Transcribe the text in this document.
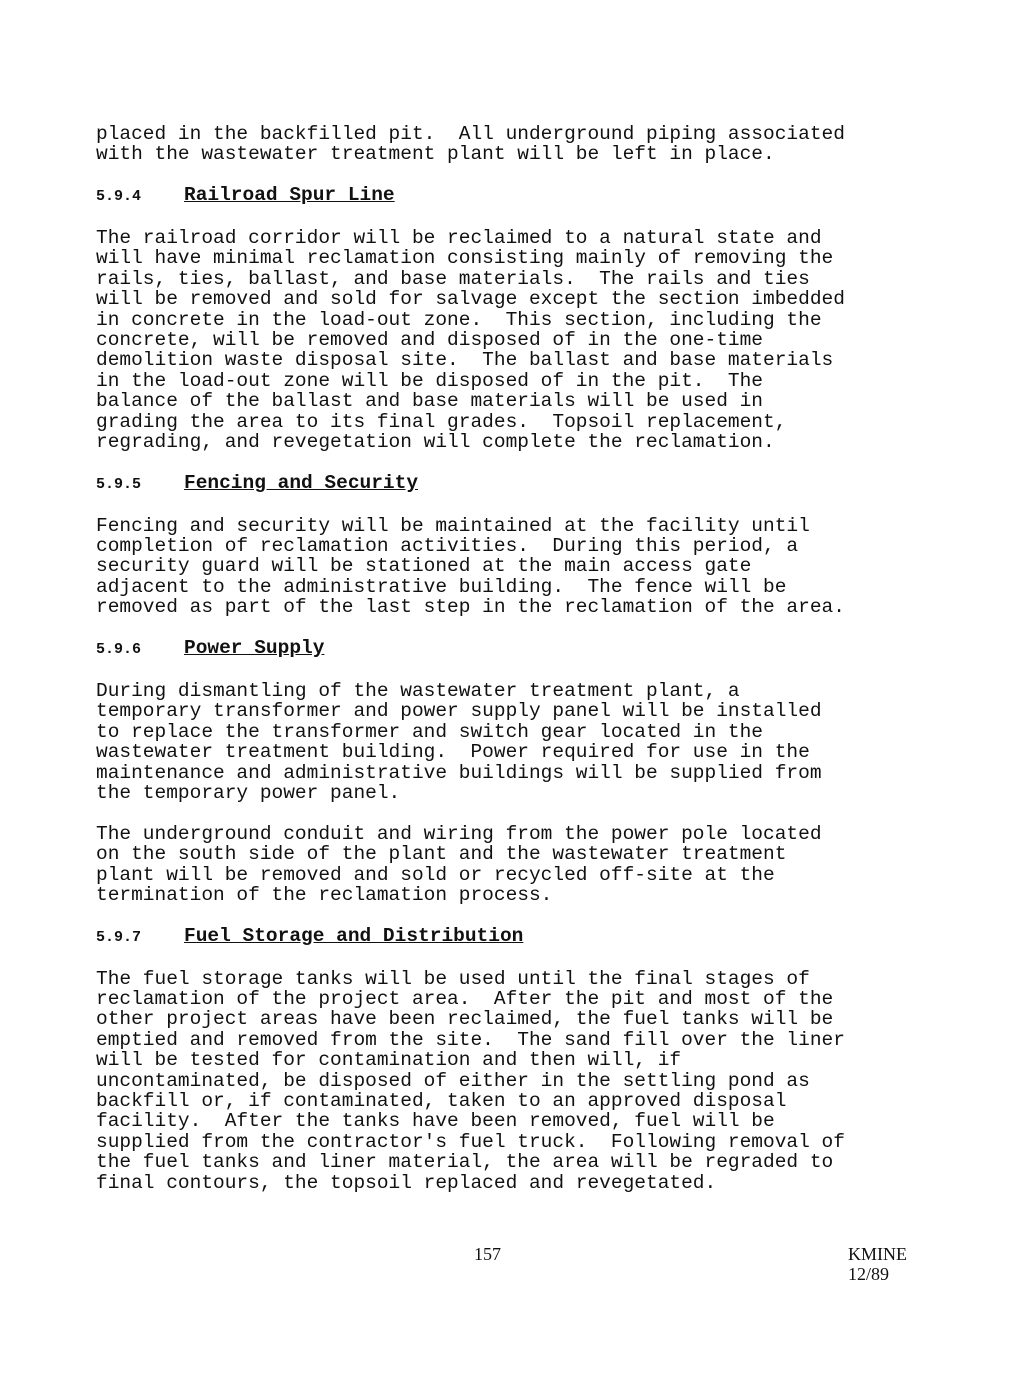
placed in the backfilled pit.  All underground piping associated
with the wastewater treatment plant will be left in place.

5.9.4 Railroad Spur Line

The railroad corridor will be reclaimed to a natural state and
will have minimal reclamation consisting mainly of removing the
rails, ties, ballast, and base materials.  The rails and ties
will be removed and sold for salvage except the section imbedded
in concrete in the load-out zone.  This section, including the
concrete, will be removed and disposed of in the one-time
demolition waste disposal site.  The ballast and base materials
in the load-out zone will be disposed of in the pit.  The
balance of the ballast and base materials will be used in
grading the area to its final grades.  Topsoil replacement,
regrading, and revegetation will complete the reclamation.

5.9.5 Fencing and Security

Fencing and security will be maintained at the facility until
completion of reclamation activities.  During this period, a
security guard will be stationed at the main access gate
adjacent to the administrative building.  The fence will be
removed as part of the last step in the reclamation of the area.

5.9.6 Power Supply

During dismantling of the wastewater treatment plant, a
temporary transformer and power supply panel will be installed
to replace the transformer and switch gear located in the
wastewater treatment building.  Power required for use in the
maintenance and administrative buildings will be supplied from
the temporary power panel.

The underground conduit and wiring from the power pole located
on the south side of the plant and the wastewater treatment
plant will be removed and sold or recycled off-site at the
termination of the reclamation process.

5.9.7 Fuel Storage and Distribution

The fuel storage tanks will be used until the final stages of
reclamation of the project area.  After the pit and most of the
other project areas have been reclaimed, the fuel tanks will be
emptied and removed from the site.  The sand fill over the liner
will be tested for contamination and then will, if
uncontaminated, be disposed of either in the settling pond as
backfill or, if contaminated, taken to an approved disposal
facility.  After the tanks have been removed, fuel will be
supplied from the contractor's fuel truck.  Following removal of
the fuel tanks and liner material, the area will be regraded to
final contours, the topsoil replaced and revegetated.

157	KMINE
12/89
